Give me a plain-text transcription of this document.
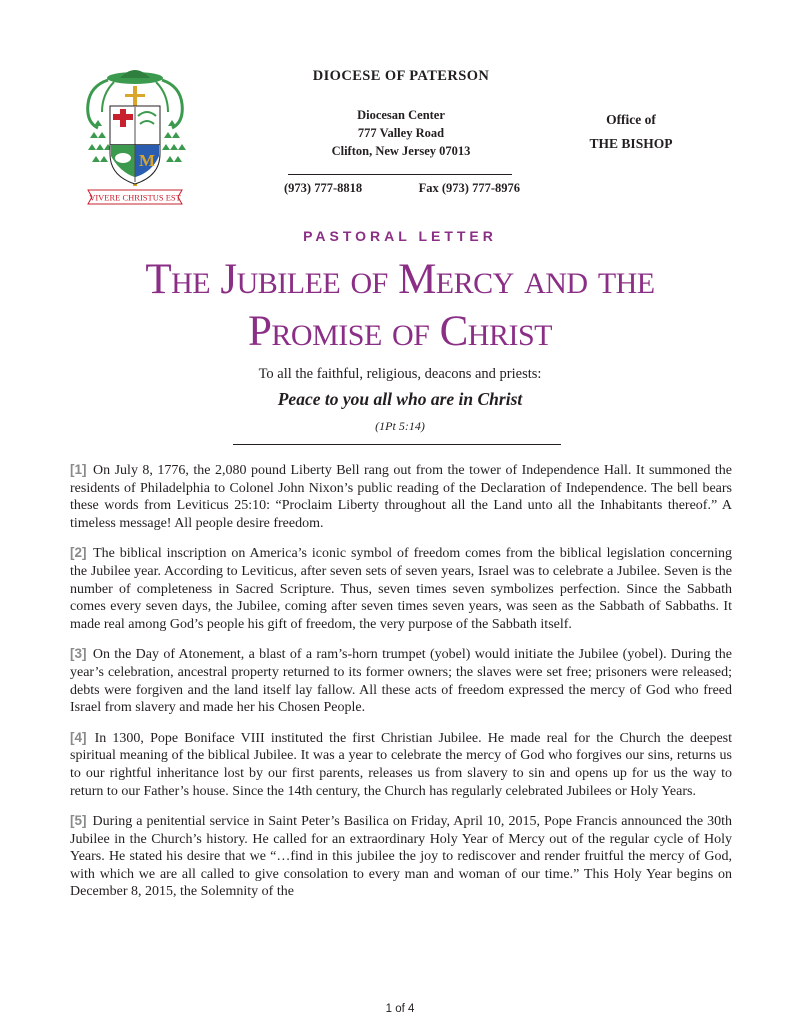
M
VIVERE CHRISTUS EST
DIOCESE OF PATERSON
Diocesan Center
777 Valley Road
Clifton, New Jersey 07013
(973) 777-8818	Fax (973) 777-8976
Office of
THE BISHOP
PASTORAL LETTER
The Jubilee of Mercy and the
Promise of Christ
To all the faithful, religious, deacons and priests:
Peace to you all who are in Christ
(1Pt 5:14)

[1] On July 8, 1776, the 2,080 pound Liberty Bell rang out from the tower of Independence Hall. It summoned the residents of Philadelphia to Colonel John Nixon’s public reading of the Declaration of Independence. The bell bears these words from Leviticus 25:10: “Proclaim Liberty throughout all the Land unto all the Inhabitants thereof.” A timeless message! All people desire freedom.

[2] The biblical inscription on America’s iconic symbol of freedom comes from the biblical legislation concerning the Jubilee year. According to Leviticus, after seven sets of seven years, Israel was to celebrate a Jubilee. Seven is the number of completeness in Sacred Scripture. Thus, seven times seven symbolizes perfection. Since the Sabbath comes every seven days, the Jubilee, coming after seven times seven years, was seen as the Sabbath of Sabbaths. It made real among God’s people his gift of freedom, the very purpose of the Sabbath itself.

[3] On the Day of Atonement, a blast of a ram’s-horn trumpet (yobel) would initiate the Jubilee (yobel). During the year’s celebration, ancestral property returned to its former owners; the slaves were set free; prisoners were released; debts were forgiven and the land itself lay fallow. All these acts of freedom expressed the mercy of God who freed Israel from slavery and made her his Chosen People.

[4] In 1300, Pope Boniface VIII instituted the first Christian Jubilee. He made real for the Church the deepest spiritual meaning of the biblical Jubilee. It was a year to celebrate the mercy of God who forgives our sins, returns us to our rightful inheritance lost by our first parents, releases us from slavery to sin and opens up for us the way to return to our Father’s house. Since the 14th century, the Church has regularly celebrated Jubilees or Holy Years.

[5] During a penitential service in Saint Peter’s Basilica on Friday, April 10, 2015, Pope Francis announced the 30th Jubilee in the Church’s history. He called for an extraordinary Holy Year of Mercy out of the regular cycle of Holy Years. He stated his desire that we “…find in this jubilee the joy to rediscover and render fruitful the mercy of God, with which we are all called to give consolation to every man and woman of our time.” This Holy Year begins on December 8, 2015, the Solemnity of the

1 of 4
